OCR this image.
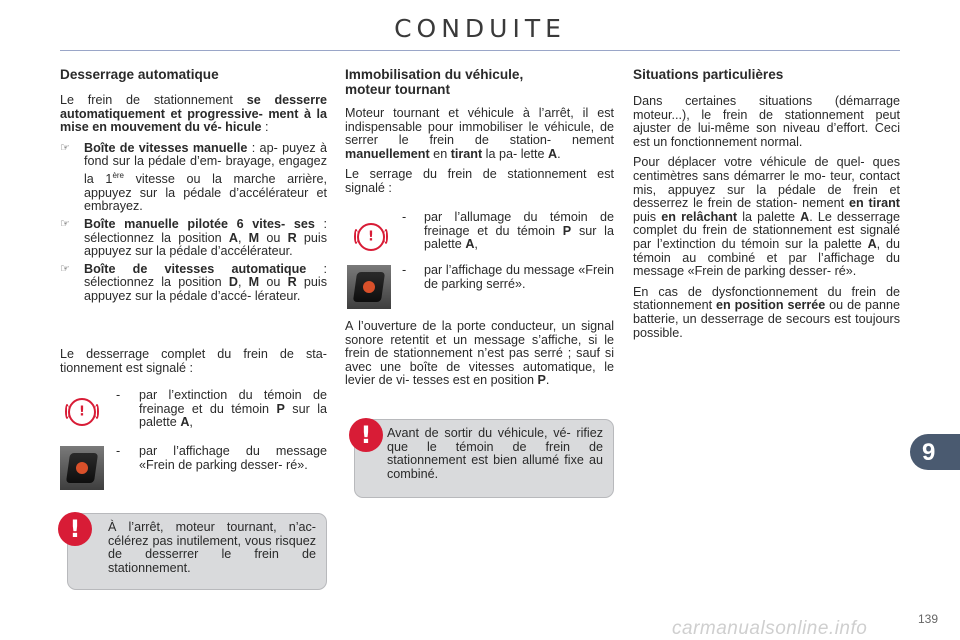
CONDUITE
Desserrage automatique

Le frein de stationnement se desserre automatiquement et progressive- ment à la mise en mouvement du vé- hicule :

☞ Boîte de vitesses manuelle : ap- puyez à fond sur la pédale d’em- brayage, engagez la 1ère vitesse ou la marche arrière, appuyez sur la pédale d’accélérateur et embrayez.
☞ Boîte manuelle pilotée 6 vites- ses : sélectionnez la position A, M ou R puis appuyez sur la pédale d’accélérateur.
☞ Boîte de vitesses automatique : sélectionnez la position D, M ou R puis appuyez sur la pédale d’accé- lérateur.
Le desserrage complet du frein de sta- tionnement est signalé :
!
-	par l’extinction du témoin de freinage et du témoin P sur la palette A,
-	par l’affichage du message «Frein de parking desser- ré».
!	À l’arrêt, moteur tournant, n’ac- célérez pas inutilement, vous risquez de desserrer le frein de stationnement.
Immobilisation du véhicule,
moteur tournant

Moteur tournant et véhicule à l’arrêt, il est indispensable pour immobiliser le véhicule, de serrer le frein de station- nement manuellement en tirant la pa- lette A.

Le serrage du frein de stationnement est signalé :

!
-	par l’allumage du témoin de freinage et du témoin P sur la palette A,
-	par l’affichage du message «Frein de parking serré».
A l’ouverture de la porte conducteur, un signal sonore retentit et un message s’affiche, si le frein de stationnement n’est pas serré ; sauf si avec une boîte de vitesses automatique, le levier de vi- tesses est en position P.
!	Avant de sortir du véhicule, vé- rifiez que le témoin de frein de stationnement est bien allumé fixe au combiné.
Situations particulières

Dans certaines situations (démarrage moteur...), le frein de stationnement peut ajuster de lui-même son niveau d’effort. Ceci est un fonctionnement normal.

Pour déplacer votre véhicule de quel- ques centimètres sans démarrer le mo- teur, contact mis, appuyez sur la pédale de frein et desserrez le frein de station- nement en tirant puis en relâchant la palette A. Le desserrage complet du frein de stationnement est signalé par l’extinction du témoin sur la palette A, du témoin au combiné et par l’affichage du message «Frein de parking desser- ré».

En cas de dysfonctionnement du frein de stationnement en position serrée ou de panne batterie, un desserrage de secours est toujours possible.

9
139
carmanualsonline.info
